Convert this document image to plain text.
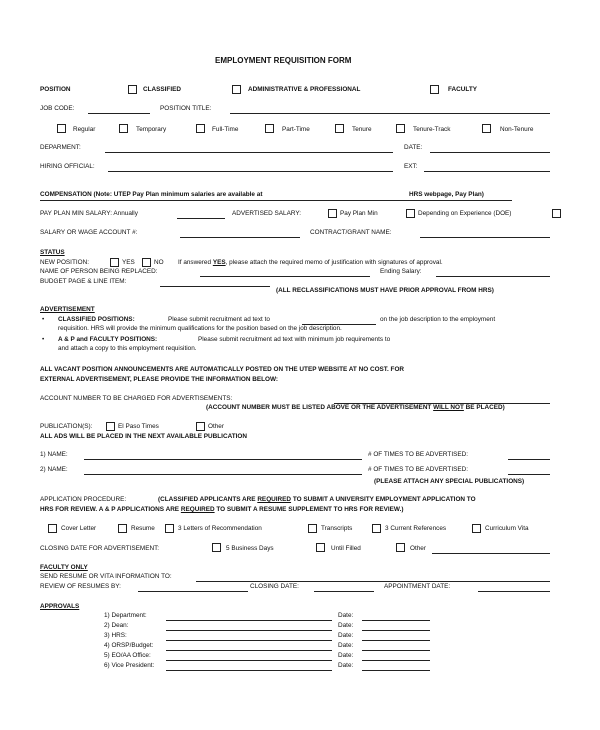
EMPLOYMENT REQUISITION FORM
POSITION	CLASSIFIED	ADMINISTRATIVE & PROFESSIONAL	FACULTY
JOB CODE:	POSITION TITLE:
Regular	Temporary	Full-Time	Part-Time	Tenure	Tenure-Track	Non-Tenure
DEPARMENT:	DATE:
HIRING OFFICIAL:	EXT:
COMPENSATION (Note: UTEP Pay Plan minimum salaries are available at	HRS webpage, Pay Plan)
PAY PLAN MIN SALARY: Annually	ADVERTISED SALARY:	Pay Plan Min	Depending on Experience (DOE)
SALARY OR WAGE ACCOUNT #:	CONTRACT/GRANT NAME:
STATUS
NEW POSITION:	YES	NO If answered YES, please attach the required memo of justification with signatures of approval.
NAME OF PERSON BEING REPLACED:	Ending Salary:
BUDGET PAGE & LINE ITEM:
(ALL RECLASSIFICATIONS MUST HAVE PRIOR APPROVAL FROM HRS)
ADVERTISEMENT
• CLASSIFIED POSITIONS:	Please submit recruitment ad text to	on the job description to the employment
requisition. HRS will provide the minimum qualifications for the position based on the job description.
• A & P and FACULTY POSITIONS:	Please submit recruitment ad text with minimum job requirements to
and attach a copy to this employment requisition.
ALL VACANT POSITION ANNOUNCEMENTS ARE AUTOMATICALLY POSTED ON THE UTEP WEBSITE AT NO COST. FOR
EXTERNAL ADVERTISEMENT, PLEASE PROVIDE THE INFORMATION BELOW:
ACCOUNT NUMBER TO BE CHARGED FOR ADVERTISEMENTS:
(ACCOUNT NUMBER MUST BE LISTED ABOVE OR THE ADVERTISEMENT WILL NOT BE PLACED)
PUBLICATION(S):	El Paso Times	Other
ALL ADS WILL BE PLACED IN THE NEXT AVAILABLE PUBLICATION
1) NAME:	# OF TIMES TO BE ADVERTISED:
2) NAME:	# OF TIMES TO BE ADVERTISED:
(PLEASE ATTACH ANY SPECIAL PUBLICATIONS)
APPLICATION PROCEDURE:	(CLASSIFIED APPLICANTS ARE REQUIRED TO SUBMIT A UNIVERSITY EMPLOYMENT APPLICATION TO
HRS FOR REVIEW. A & P APPLICATIONS ARE REQUIRED TO SUBMIT A RESUME SUPPLEMENT TO HRS FOR REVIEW.)
Cover Letter	Resume	3 Letters of Recommendation	Transcripts	3 Current References	Curriculum Vita
CLOSING DATE FOR ADVERTISEMENT:	5 Business Days	Until Filled	Other
FACULTY ONLY
SEND RESUME OR VITA INFORMATION TO:
REVIEW OF RESUMES BY:	CLOSING DATE:	APPOINTMENT DATE:
APPROVALS
1) Department:	Date:
2) Dean:	Date:
3) HRS:	Date:
4) ORSP/Budget:	Date:
5) EO/AA Office:	Date:
6) Vice President:	Date:
